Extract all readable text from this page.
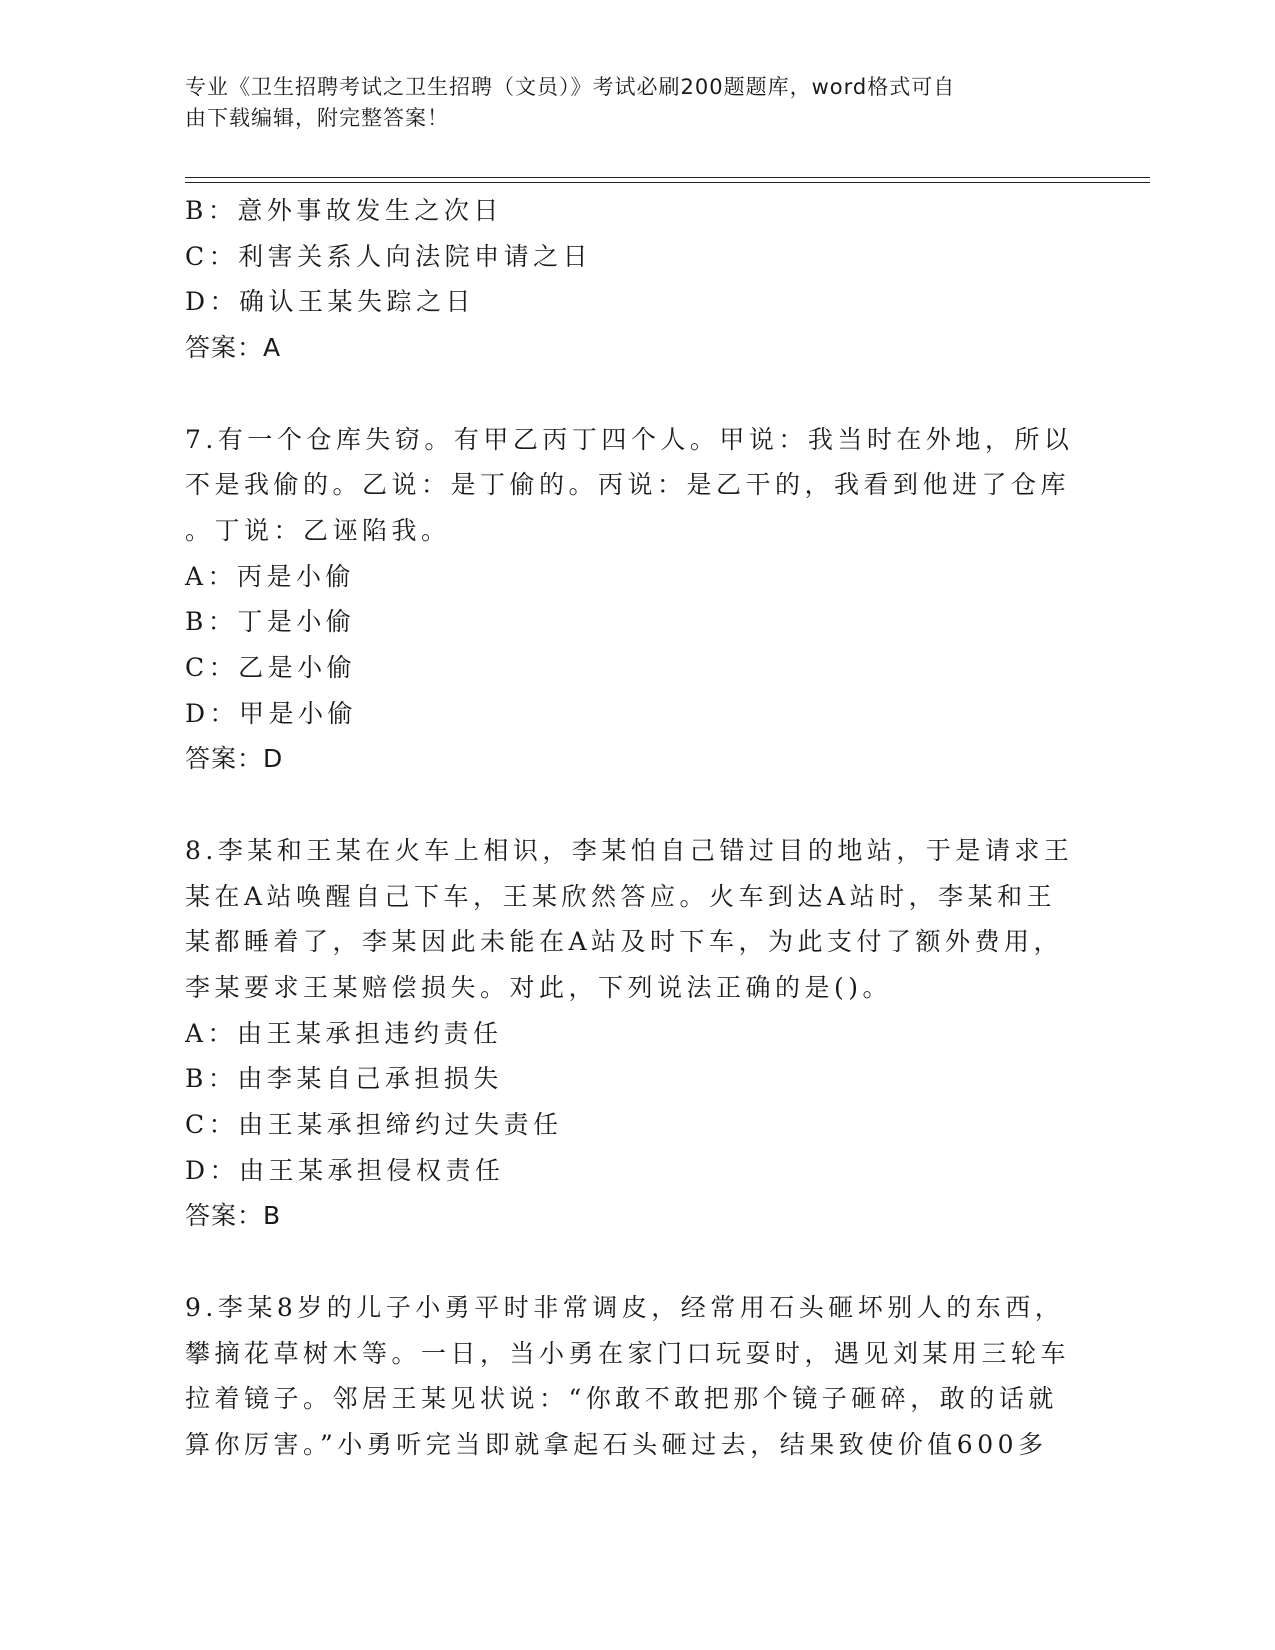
专业《卫生招聘考试之卫生招聘（文员）》考试必刷200题题库，word格式可自
由下载编辑，附完整答案！
B：意外事故发生之次日
C：利害关系人向法院申请之日
D：确认王某失踪之日
答案：A
7.有一个仓库失窃。有甲乙丙丁四个人。甲说：我当时在外地，所以
不是我偷的。乙说：是丁偷的。丙说：是乙干的，我看到他进了仓库
。丁说：乙诬陷我。
A：丙是小偷
B：丁是小偷
C：乙是小偷
D：甲是小偷
答案：D
8.李某和王某在火车上相识，李某怕自己错过目的地站，于是请求王
某在A站唤醒自己下车，王某欣然答应。火车到达A站时，李某和王
某都睡着了，李某因此未能在A站及时下车，为此支付了额外费用，
李某要求王某赔偿损失。对此，下列说法正确的是()。
A：由王某承担违约责任
B：由李某自己承担损失
C：由王某承担缔约过失责任
D：由王某承担侵权责任
答案：B
9.李某8岁的儿子小勇平时非常调皮，经常用石头砸坏别人的东西，
攀摘花草树木等。一日，当小勇在家门口玩耍时，遇见刘某用三轮车
拉着镜子。邻居王某见状说：“你敢不敢把那个镜子砸碎，敢的话就
算你厉害。”小勇听完当即就拿起石头砸过去，结果致使价值600多
